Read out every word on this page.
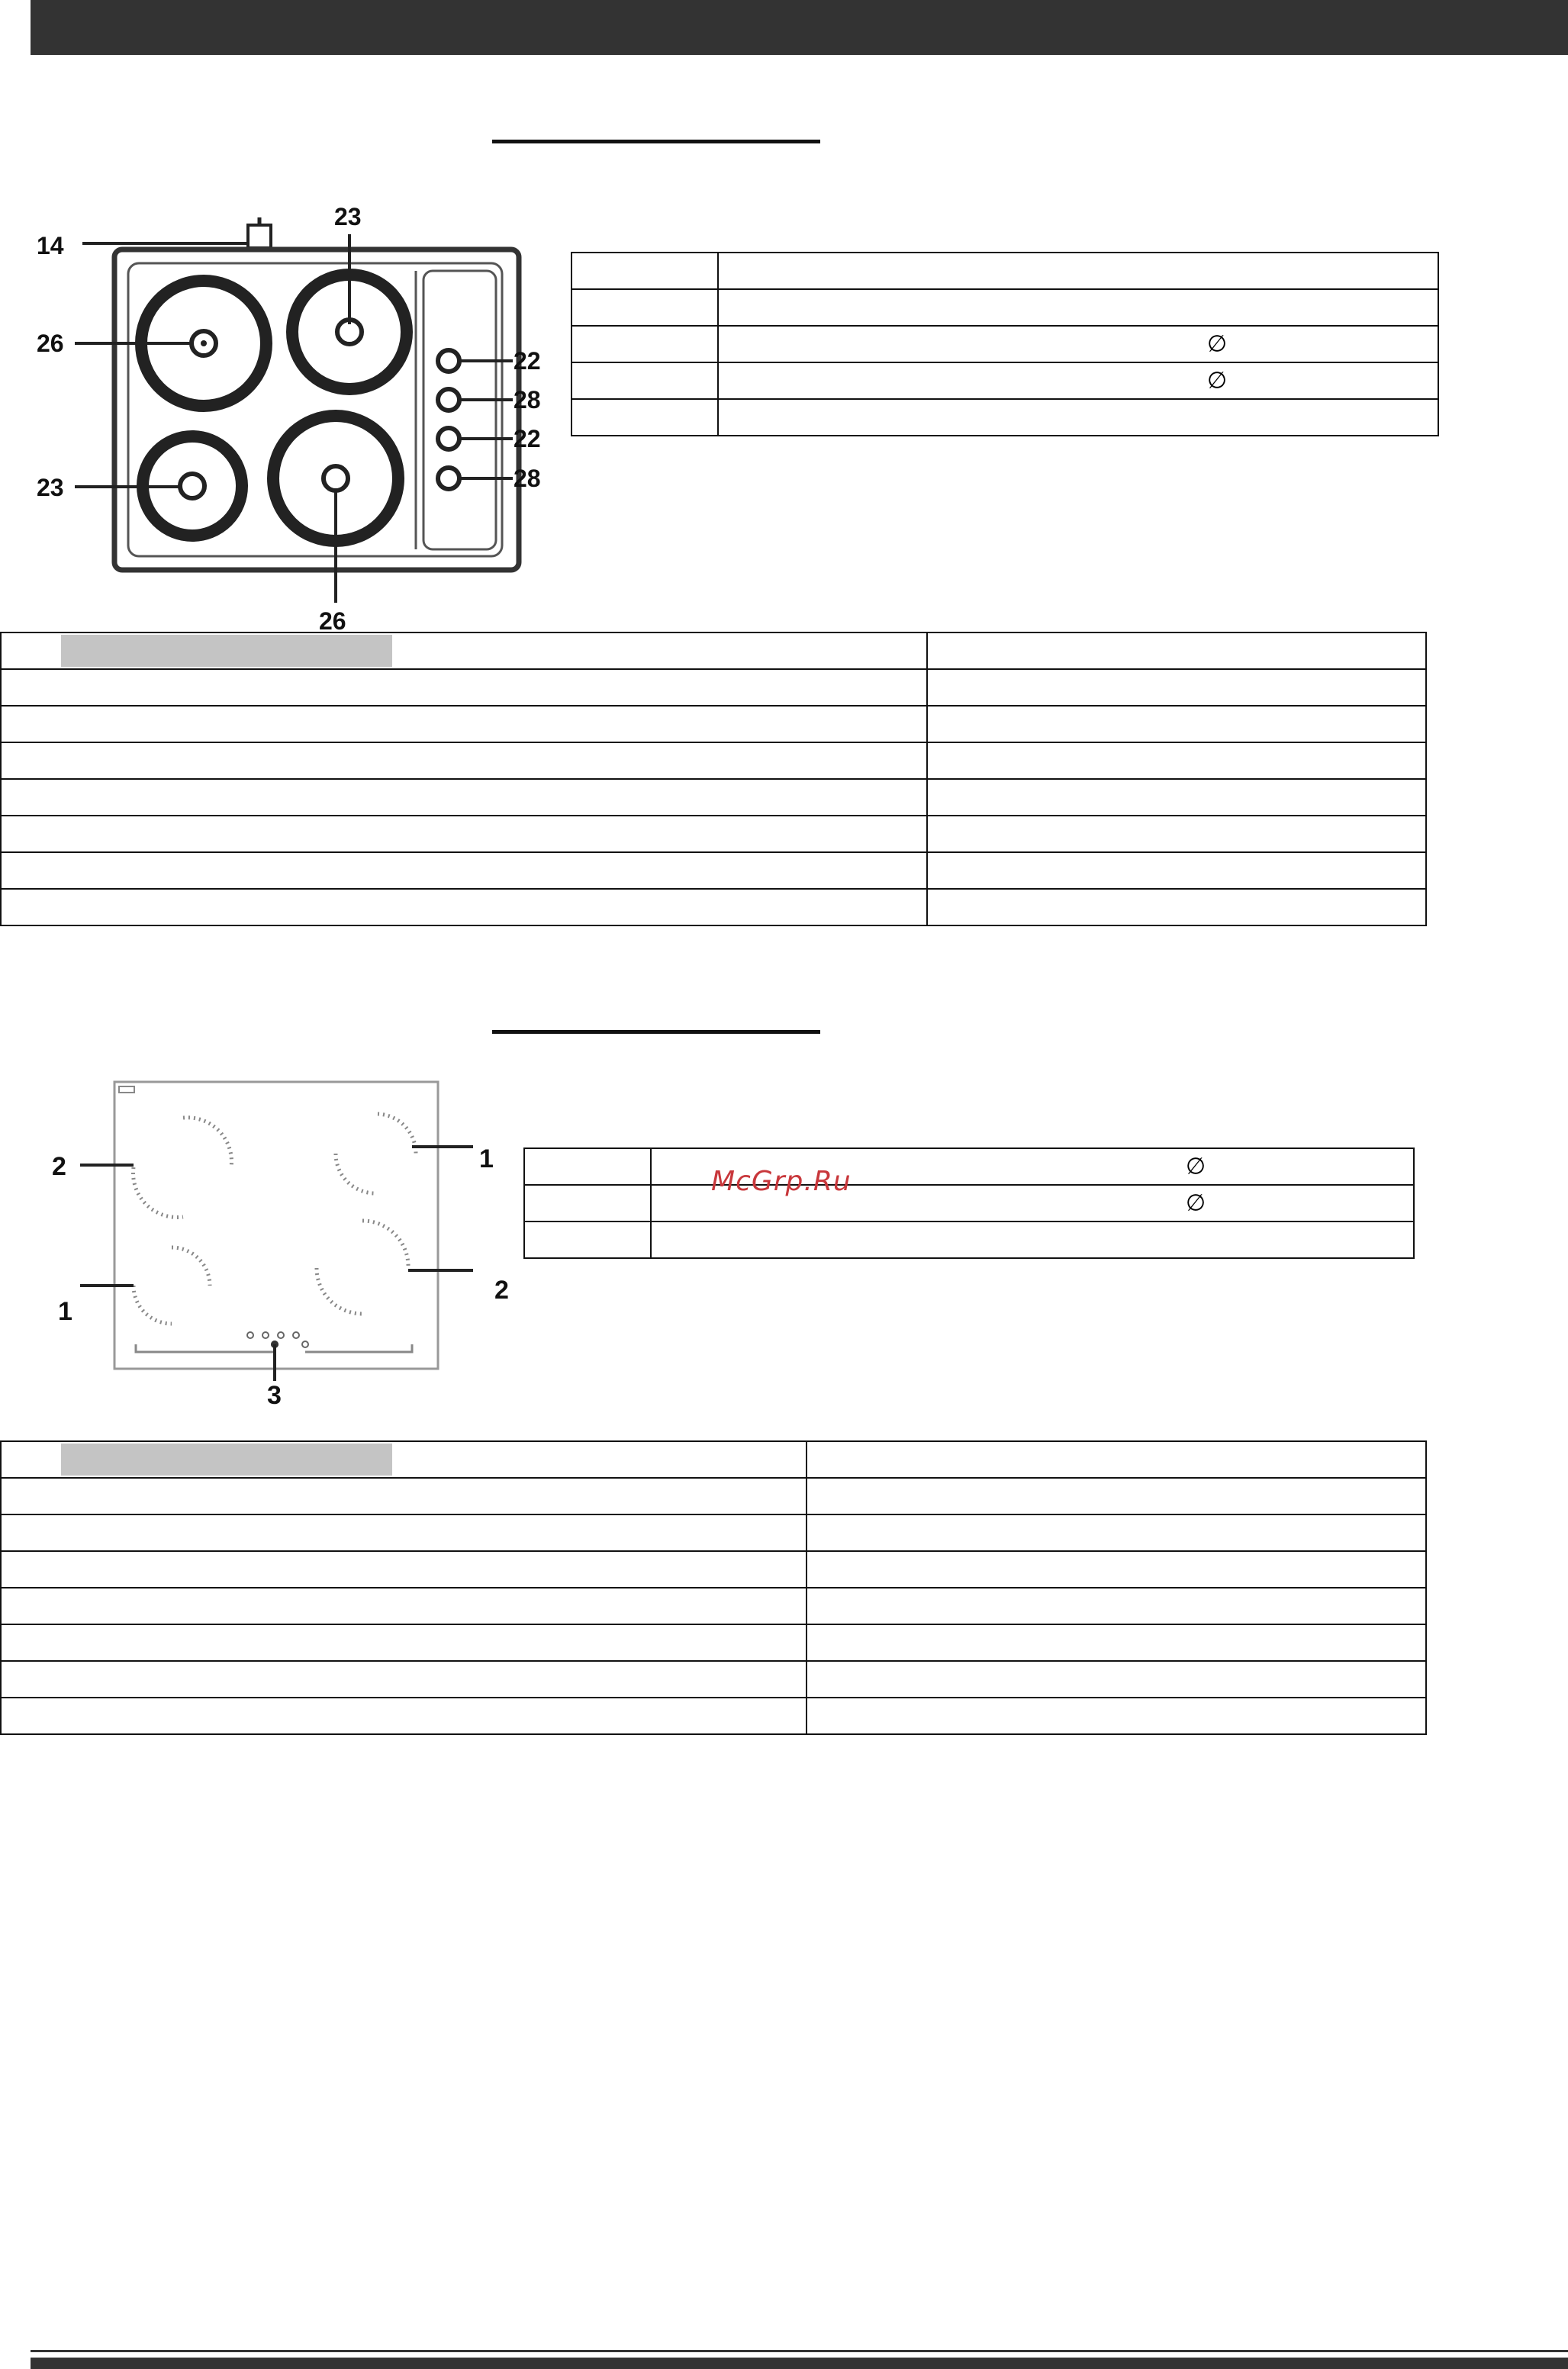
14
26
23
23
26
22
28
22
28

	∅

	∅

2	1
1
2
3

	∅

	∅

McGrp.Ru
